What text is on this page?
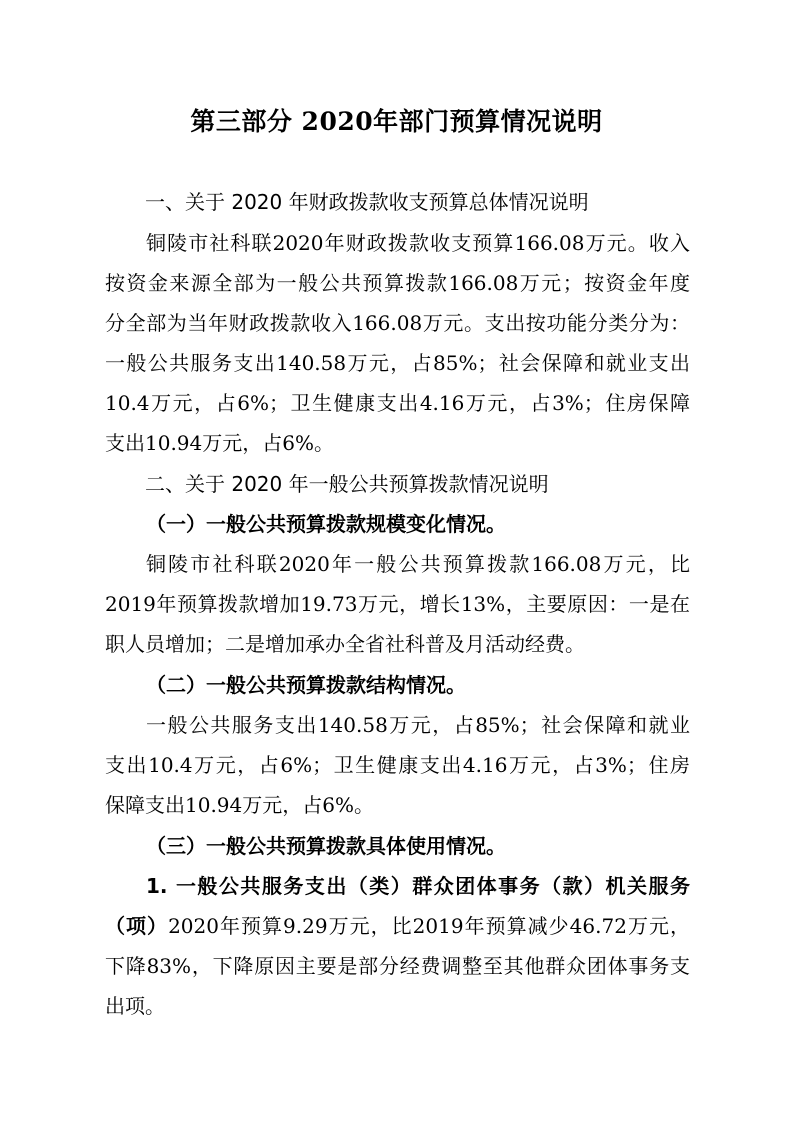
第三部分 2020年部门预算情况说明
一、关于 2020 年财政拨款收支预算总体情况说明
铜陵市社科联2020年财政拨款收支预算166.08万元。收入
按资金来源全部为一般公共预算拨款166.08万元；按资金年度
分全部为当年财政拨款收入166.08万元。支出按功能分类分为：
一般公共服务支出140.58万元，占85%；社会保障和就业支出
10.4万元，占6%；卫生健康支出4.16万元，占3%；住房保障
支出10.94万元，占6%。
二、关于 2020 年一般公共预算拨款情况说明
（一）一般公共预算拨款规模变化情况。
铜陵市社科联2020年一般公共预算拨款166.08万元，比
2019年预算拨款增加19.73万元，增长13%，主要原因：一是在
职人员增加；二是增加承办全省社科普及月活动经费。
（二）一般公共预算拨款结构情况。
一般公共服务支出140.58万元，占85%；社会保障和就业
支出10.4万元，占6%；卫生健康支出4.16万元，占3%；住房
保障支出10.94万元，占6%。
（三）一般公共预算拨款具体使用情况。
1. 一般公共服务支出（类）群众团体事务（款）机关服务
（项）2020年预算9.29万元，比2019年预算减少46.72万元，
下降83%，下降原因主要是部分经费调整至其他群众团体事务支
出项。
